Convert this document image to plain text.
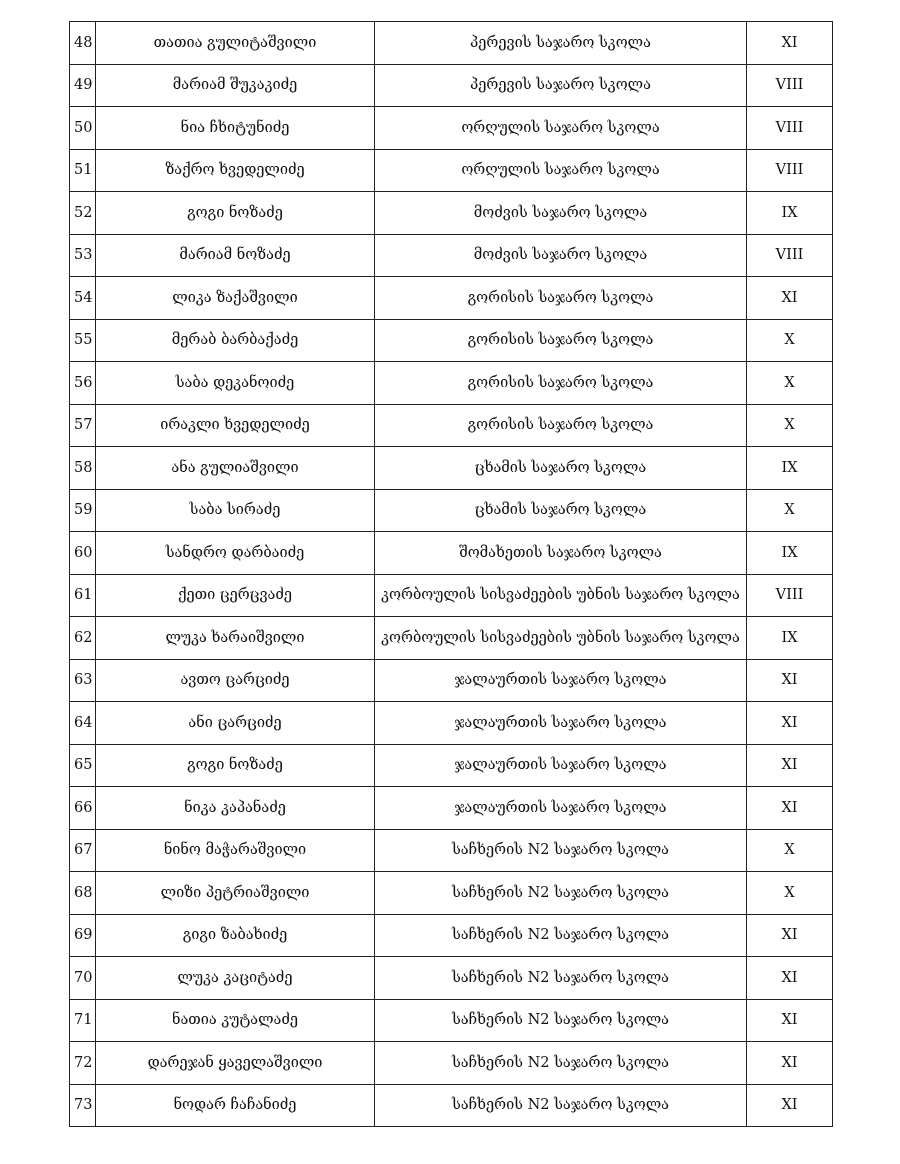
48	თათია გულიტაშვილი	პერევის საჯარო სკოლა	XI
49	მარიამ შუკაკიძე	პერევის საჯარო სკოლა	VIII
50	ნია ჩხიტუნიძე	ორღულის საჯარო სკოლა	VIII
51	ზაქრო ხვედელიძე	ორღულის საჯარო სკოლა	VIII
52	გოგი ნოზაძე	მოძვის საჯარო სკოლა	IX
53	მარიამ ნოზაძე	მოძვის საჯარო სკოლა	VIII
54	ლიკა ზაქაშვილი	გორისის საჯარო სკოლა	XI
55	მერაბ ბარბაქაძე	გორისის საჯარო სკოლა	X
56	საბა დეკანოიძე	გორისის საჯარო სკოლა	X
57	ირაკლი ხვედელიძე	გორისის საჯარო სკოლა	X
58	ანა გულიაშვილი	ცხამის საჯარო სკოლა	IX
59	საბა სირაძე	ცხამის საჯარო სკოლა	X
60	სანდრო დარბაიძე	შომახეთის საჯარო სკოლა	IX
61	ქეთი ცერცვაძე	კორბოულის სისვაძეების უბნის საჯარო სკოლა	VIII
62	ლუკა ხარაიშვილი	კორბოულის სისვაძეების უბნის საჯარო სკოლა	IX
63	ავთო ცარციძე	ჯალაურთის საჯარო სკოლა	XI
64	ანი ცარციძე	ჯალაურთის საჯარო სკოლა	XI
65	გოგი ნოზაძე	ჯალაურთის საჯარო სკოლა	XI
66	ნიკა კაპანაძე	ჯალაურთის საჯარო სკოლა	XI
67	ნინო მაჭარაშვილი	საჩხერის N2 საჯარო სკოლა	X
68	ლიზი პეტრიაშვილი	საჩხერის N2 საჯარო სკოლა	X
69	გიგი ზაბახიძე	საჩხერის N2 საჯარო სკოლა	XI
70	ლუკა კაციტაძე	საჩხერის N2 საჯარო სკოლა	XI
71	ნათია კუტალაძე	საჩხერის N2 საჯარო სკოლა	XI
72	დარეჯან ყაველაშვილი	საჩხერის N2 საჯარო სკოლა	XI
73	ნოდარ ჩაჩანიძე	საჩხერის N2 საჯარო სკოლა	XI
